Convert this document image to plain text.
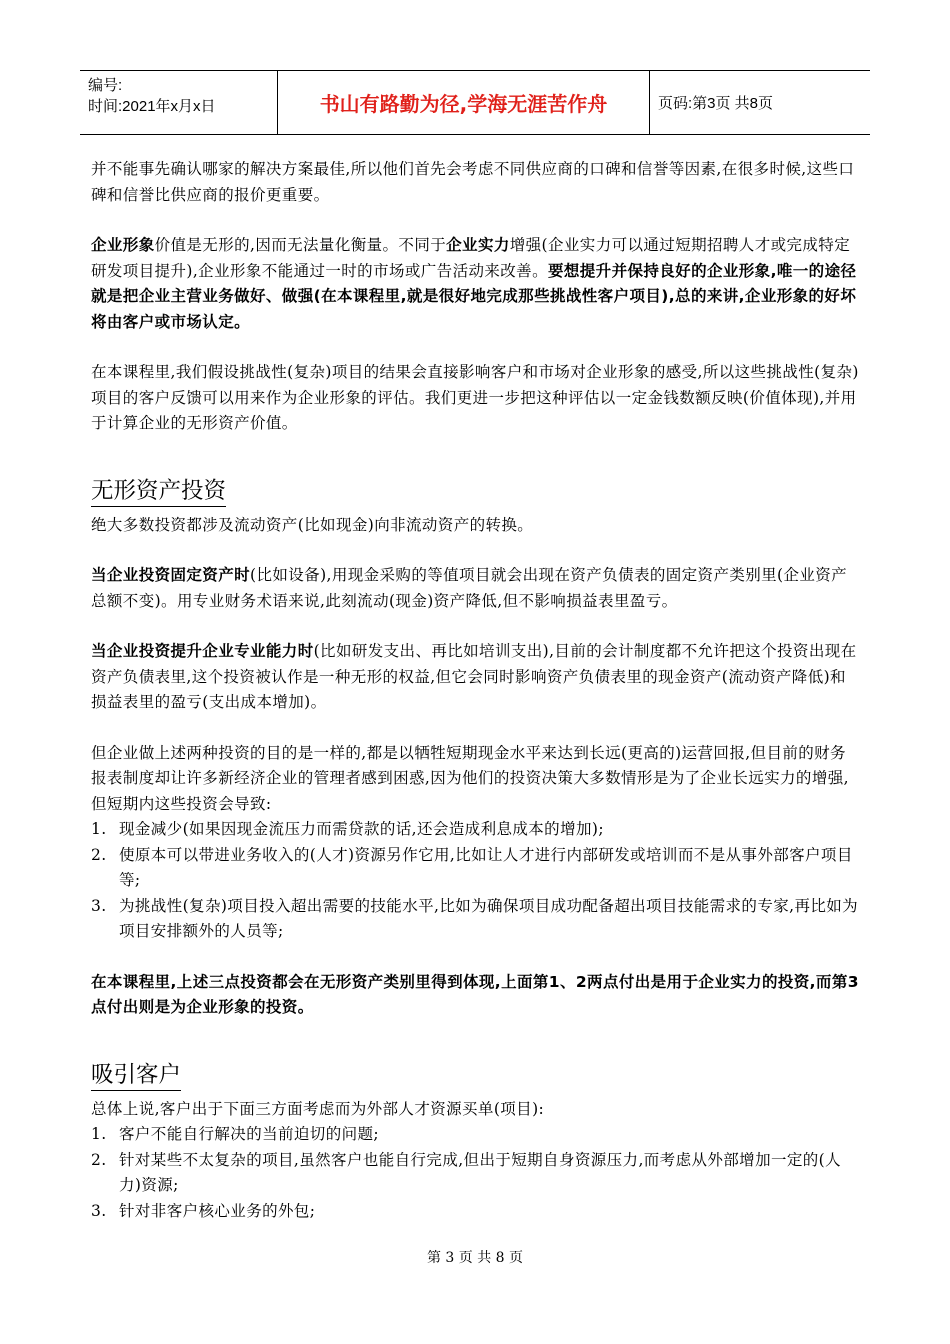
编号:
时间:2021年x月x日	书山有路勤为径,学海无涯苦作舟	页码:第3页 共8页

并不能事先确认哪家的解决方案最佳,所以他们首先会考虑不同供应商的口碑和信誉等因素,在很多时候,这些口碑和信誉比供应商的报价更重要。

企业形象价值是无形的,因而无法量化衡量。不同于企业实力增强(企业实力可以通过短期招聘人才或完成特定研发项目提升),企业形象不能通过一时的市场或广告活动来改善。要想提升并保持良好的企业形象,唯一的途径就是把企业主营业务做好、做强(在本课程里,就是很好地完成那些挑战性客户项目),总的来讲,企业形象的好坏将由客户或市场认定。

在本课程里,我们假设挑战性(复杂)项目的结果会直接影响客户和市场对企业形象的感受,所以这些挑战性(复杂)项目的客户反馈可以用来作为企业形象的评估。我们更进一步把这种评估以一定金钱数额反映(价值体现),并用于计算企业的无形资产价值。

无形资产投资

绝大多数投资都涉及流动资产(比如现金)向非流动资产的转换。

当企业投资固定资产时(比如设备),用现金采购的等值项目就会出现在资产负债表的固定资产类别里(企业资产总额不变)。用专业财务术语来说,此刻流动(现金)资产降低,但不影响损益表里盈亏。

当企业投资提升企业专业能力时(比如研发支出、再比如培训支出),目前的会计制度都不允许把这个投资出现在资产负债表里,这个投资被认作是一种无形的权益,但它会同时影响资产负债表里的现金资产(流动资产降低)和损益表里的盈亏(支出成本增加)。

但企业做上述两种投资的目的是一样的,都是以牺牲短期现金水平来达到长远(更高的)运营回报,但目前的财务报表制度却让许多新经济企业的管理者感到困惑,因为他们的投资决策大多数情形是为了企业长远实力的增强,但短期内这些投资会导致:

1. 现金减少(如果因现金流压力而需贷款的话,还会造成利息成本的增加);
2. 使原本可以带进业务收入的(人才)资源另作它用,比如让人才进行内部研发或培训而不是从事外部客户项目等;
3. 为挑战性(复杂)项目投入超出需要的技能水平,比如为确保项目成功配备超出项目技能需求的专家,再比如为项目安排额外的人员等;

在本课程里,上述三点投资都会在无形资产类别里得到体现,上面第1、2两点付出是用于企业实力的投资,而第3点付出则是为企业形象的投资。

吸引客户

总体上说,客户出于下面三方面考虑而为外部人才资源买单(项目):

1. 客户不能自行解决的当前迫切的问题;
2. 针对某些不太复杂的项目,虽然客户也能自行完成,但出于短期自身资源压力,而考虑从外部增加一定的(人力)资源;
3. 针对非客户核心业务的外包;
第 3 页 共 8 页
